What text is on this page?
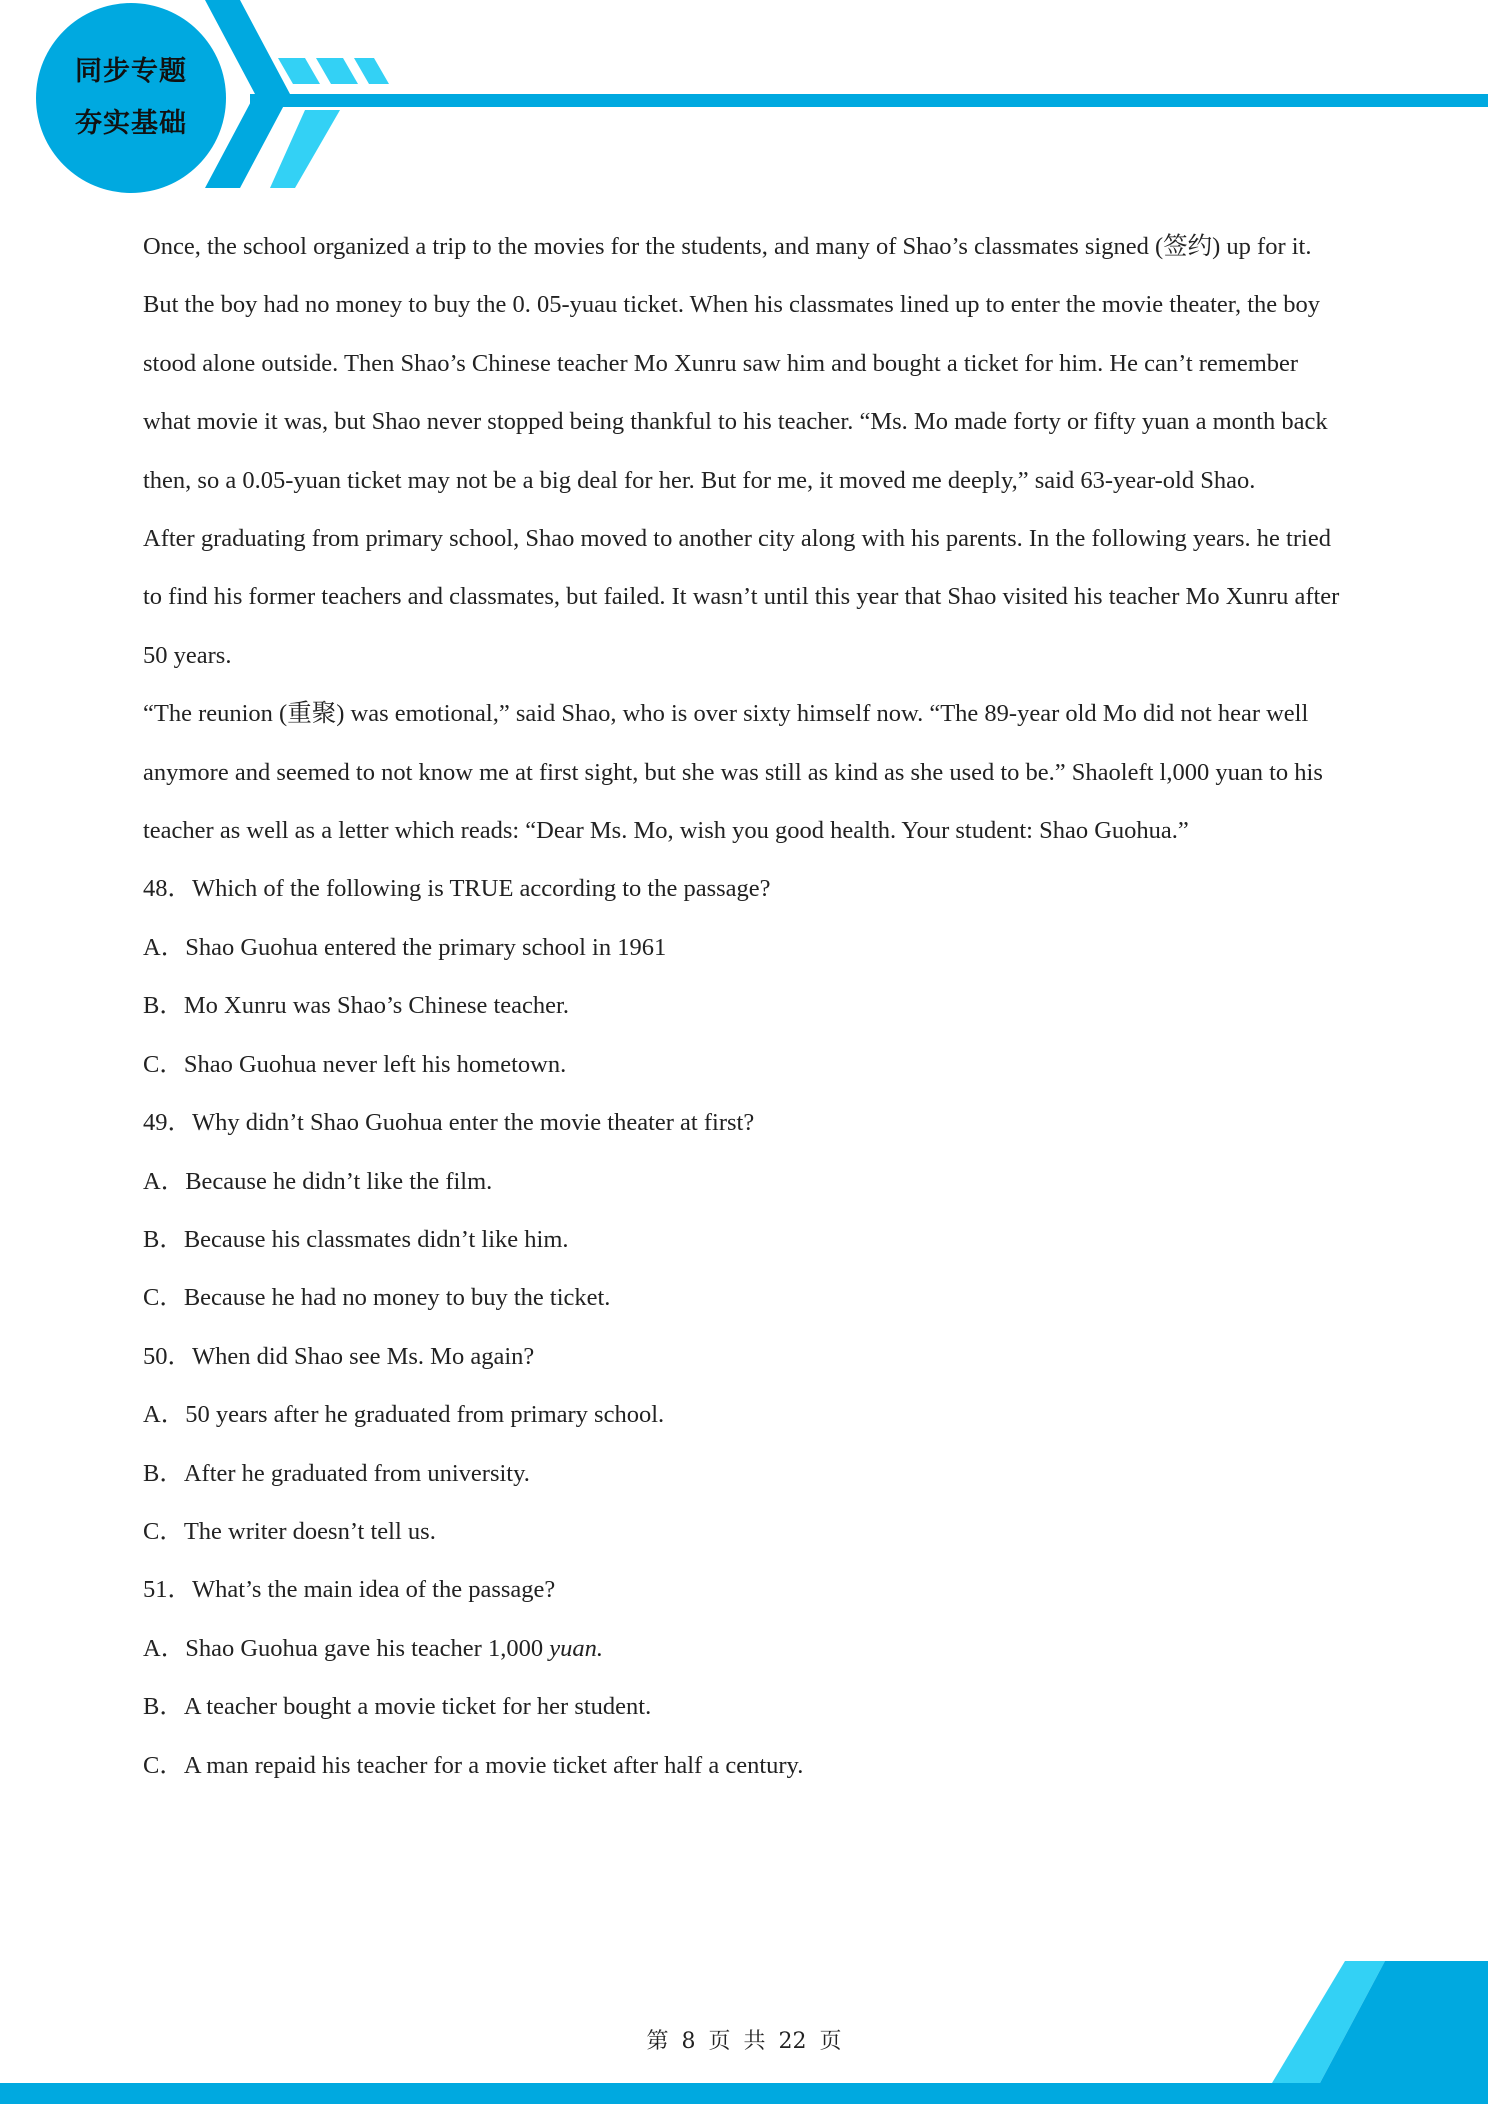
同步专题
夯实基础

Once, the school organized a trip to the movies for the students, and many of Shao’s classmates signed (签约) up for it. But the boy had no money to buy the 0. 05-yuau ticket. When his classmates lined up to enter the movie theater, the boy stood alone outside. Then Shao’s Chinese teacher Mo Xunru saw him and bought a ticket for him. He can’t remember what movie it was, but Shao never stopped being thankful to his teacher. “Ms. Mo made forty or fifty yuan a month back then, so a 0.05-yuan ticket may not be a big deal for her. But for me, it moved me deeply,” said 63-year-old Shao.

After graduating from primary school, Shao moved to another city along with his parents. In the following years. he tried to find his former teachers and classmates, but failed. It wasn’t until this year that Shao visited his teacher Mo Xunru after 50 years.

“The reunion (重聚) was emotional,” said Shao, who is over sixty himself now. “The 89-year old Mo did not hear well anymore and seemed to not know me at first sight, but she was still as kind as she used to be.” Shaoleft l,000 yuan to his teacher as well as a letter which reads: “Dear Ms. Mo, wish you good health. Your student: Shao Guohua.”

48．Which of the following is TRUE according to the passage?
A．Shao Guohua entered the primary school in 1961
B．Mo Xunru was Shao’s Chinese teacher.
C．Shao Guohua never left his hometown.
49．Why didn’t Shao Guohua enter the movie theater at first?
A．Because he didn’t like the film.
B．Because his classmates didn’t like him.
C．Because he had no money to buy the ticket.
50．When did Shao see Ms. Mo again?
A．50 years after he graduated from primary school.
B．After he graduated from university.
C．The writer doesn’t tell us.
51．What’s the main idea of the passage?
A．Shao Guohua gave his teacher 1,000 yuan.
B．A teacher bought a movie ticket for her student.
C．A man repaid his teacher for a movie ticket after half a century.
第 8 页 共 22 页
